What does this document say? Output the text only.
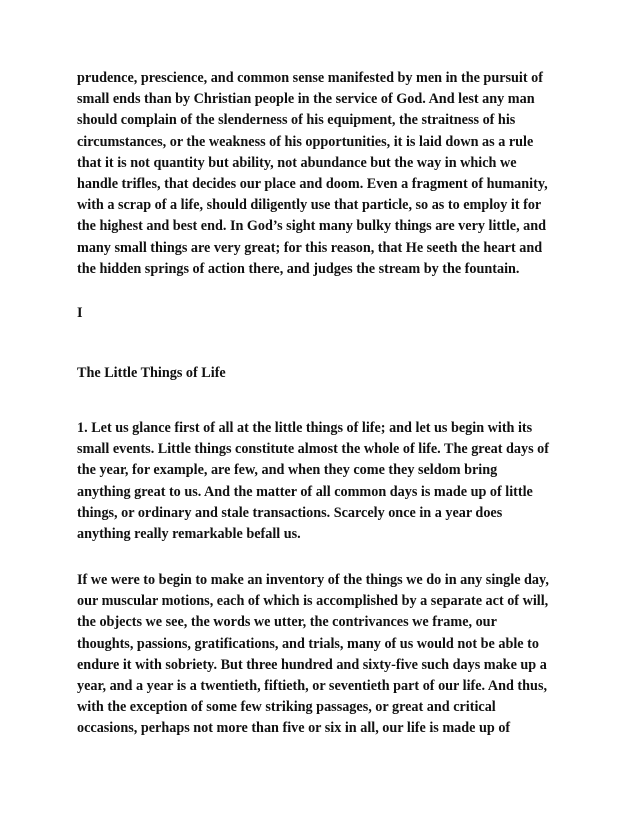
prudence, prescience, and common sense manifested by men in the pursuit of
small ends than by Christian people in the service of God. And lest any man
should complain of the slenderness of his equipment, the straitness of his
circumstances, or the weakness of his opportunities, it is laid down as a rule
that it is not quantity but ability, not abundance but the way in which we
handle trifles, that decides our place and doom. Even a fragment of humanity,
with a scrap of a life, should diligently use that particle, so as to employ it for
the highest and best end. In God’s sight many bulky things are very little, and
many small things are very great; for this reason, that He seeth the heart and
the hidden springs of action there, and judges the stream by the fountain.
I
The Little Things of Life
1. Let us glance first of all at the little things of life; and let us begin with its
small events. Little things constitute almost the whole of life. The great days of
the year, for example, are few, and when they come they seldom bring
anything great to us. And the matter of all common days is made up of little
things, or ordinary and stale transactions. Scarcely once in a year does
anything really remarkable befall us.
If we were to begin to make an inventory of the things we do in any single day,
our muscular motions, each of which is accomplished by a separate act of will,
the objects we see, the words we utter, the contrivances we frame, our
thoughts, passions, gratifications, and trials, many of us would not be able to
endure it with sobriety. But three hundred and sixty-five such days make up a
year, and a year is a twentieth, fiftieth, or seventieth part of our life. And thus,
with the exception of some few striking passages, or great and critical
occasions, perhaps not more than five or six in all, our life is made up of
